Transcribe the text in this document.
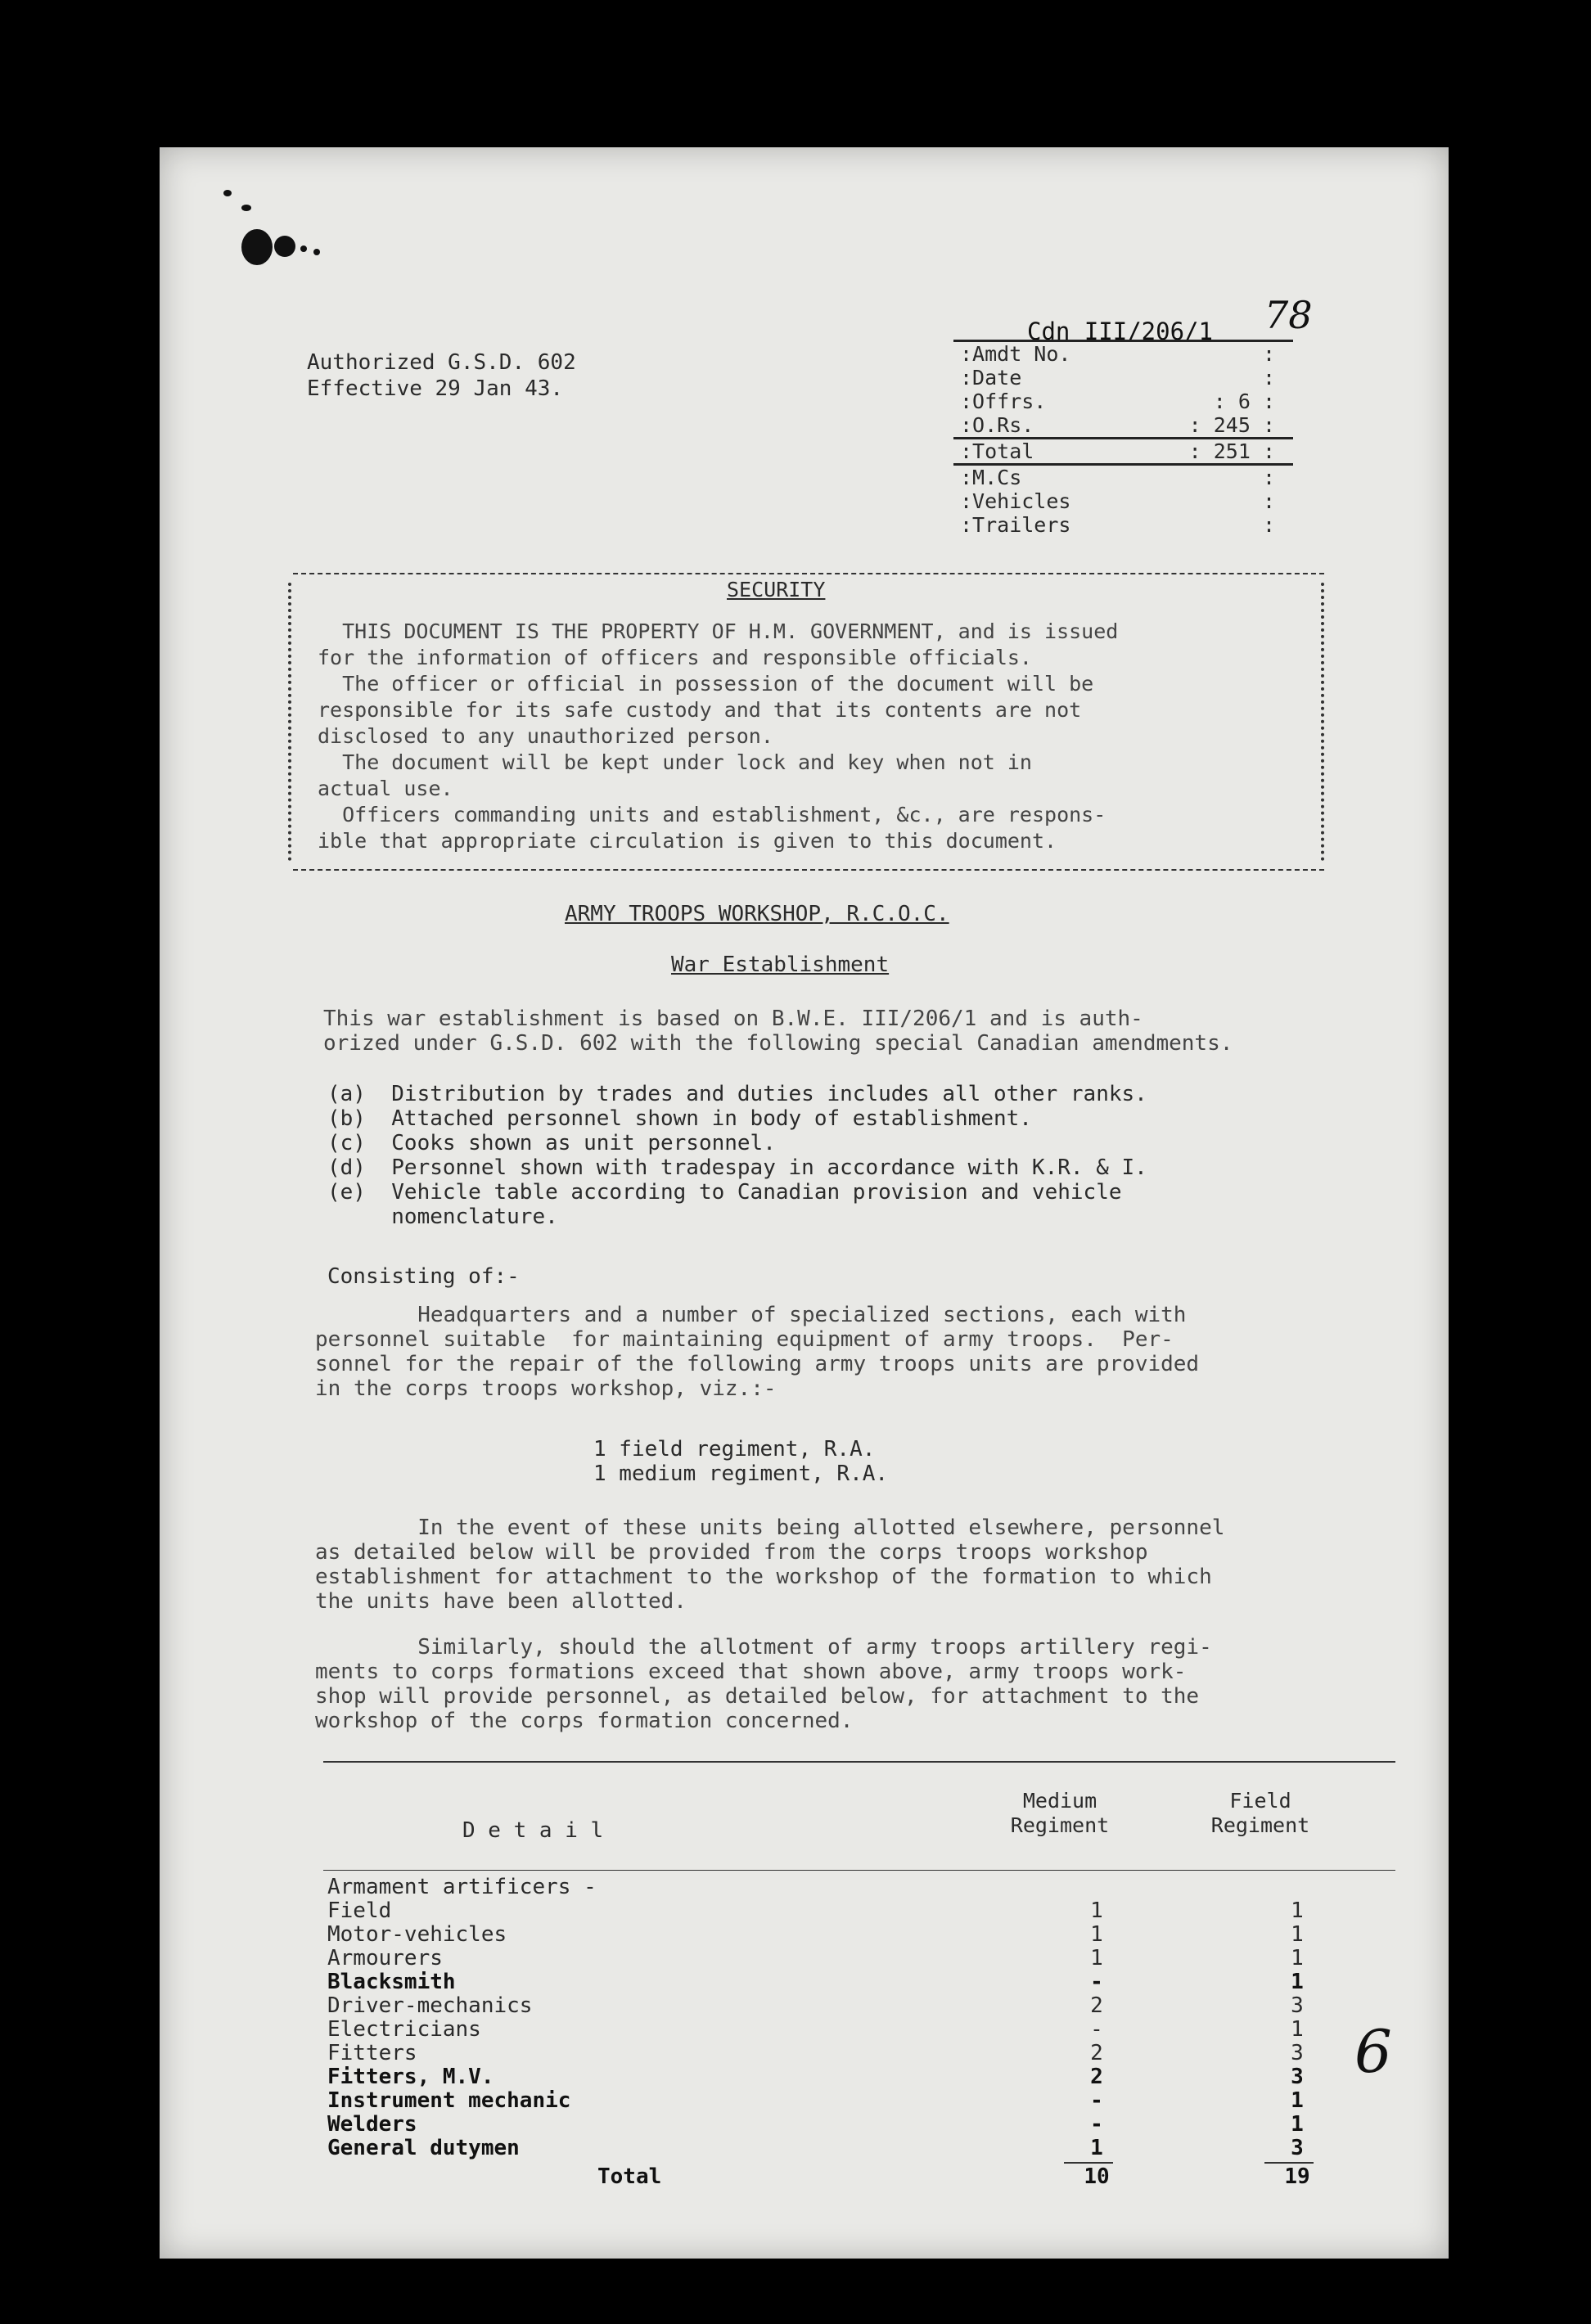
Cdn III/206/1 78
Authorized G.S.D. 602
Effective 29 Jan 43.
:Amdt No.	:
:Date	:
:Offrs.	: 6 :
:O.Rs.	: 245 :
:Total	: 251 :
:M.Cs	:
:Vehicles	:
:Trailers	:
SECURITY
THIS DOCUMENT IS THE PROPERTY OF H.M. GOVERNMENT, and is issued
for the information of officers and responsible officials.
The officer or official in possession of the document will be
responsible for its safe custody and that its contents are not
disclosed to any unauthorized person.
The document will be kept under lock and key when not in
actual use.
Officers commanding units and establishment, &c., are respons-
ible that appropriate circulation is given to this document.
ARMY TROOPS WORKSHOP, R.C.O.C.
War Establishment
This war establishment is based on B.W.E. III/206/1 and is auth-
orized under G.S.D. 602 with the following special Canadian amendments.
(a)  Distribution by trades and duties includes all other ranks.
(b)  Attached personnel shown in body of establishment.
(c)  Cooks shown as unit personnel.
(d)  Personnel shown with tradespay in accordance with K.R. & I.
(e)  Vehicle table according to Canadian provision and vehicle
nomenclature.
Consisting of:-
Headquarters and a number of specialized sections, each with
personnel suitable  for maintaining equipment of army troops.  Per-
sonnel for the repair of the following army troops units are provided
in the corps troops workshop, viz.:-
1 field regiment, R.A.
1 medium regiment, R.A.
In the event of these units being allotted elsewhere, personnel
as detailed below will be provided from the corps troops workshop
establishment for attachment to the workshop of the formation to which
the units have been allotted.
Similarly, should the allotment of army troops artillery regi-
ments to corps formations exceed that shown above, army troops work-
shop will provide personnel, as detailed below, for attachment to the
workshop of the corps formation concerned.
D e t a i l
Medium
Regiment
Field
Regiment
Armament artificers -
Field	1	1
Motor-vehicles	1	1
Armourers	1	1
Blacksmith	-	1
Driver-mechanics	2	3
Electricians	-	1
Fitters	2	3
Fitters, M.V.	2	3
Instrument mechanic	-	1
Welders	-	1
General dutymen	1	3
Total	10	19
6
